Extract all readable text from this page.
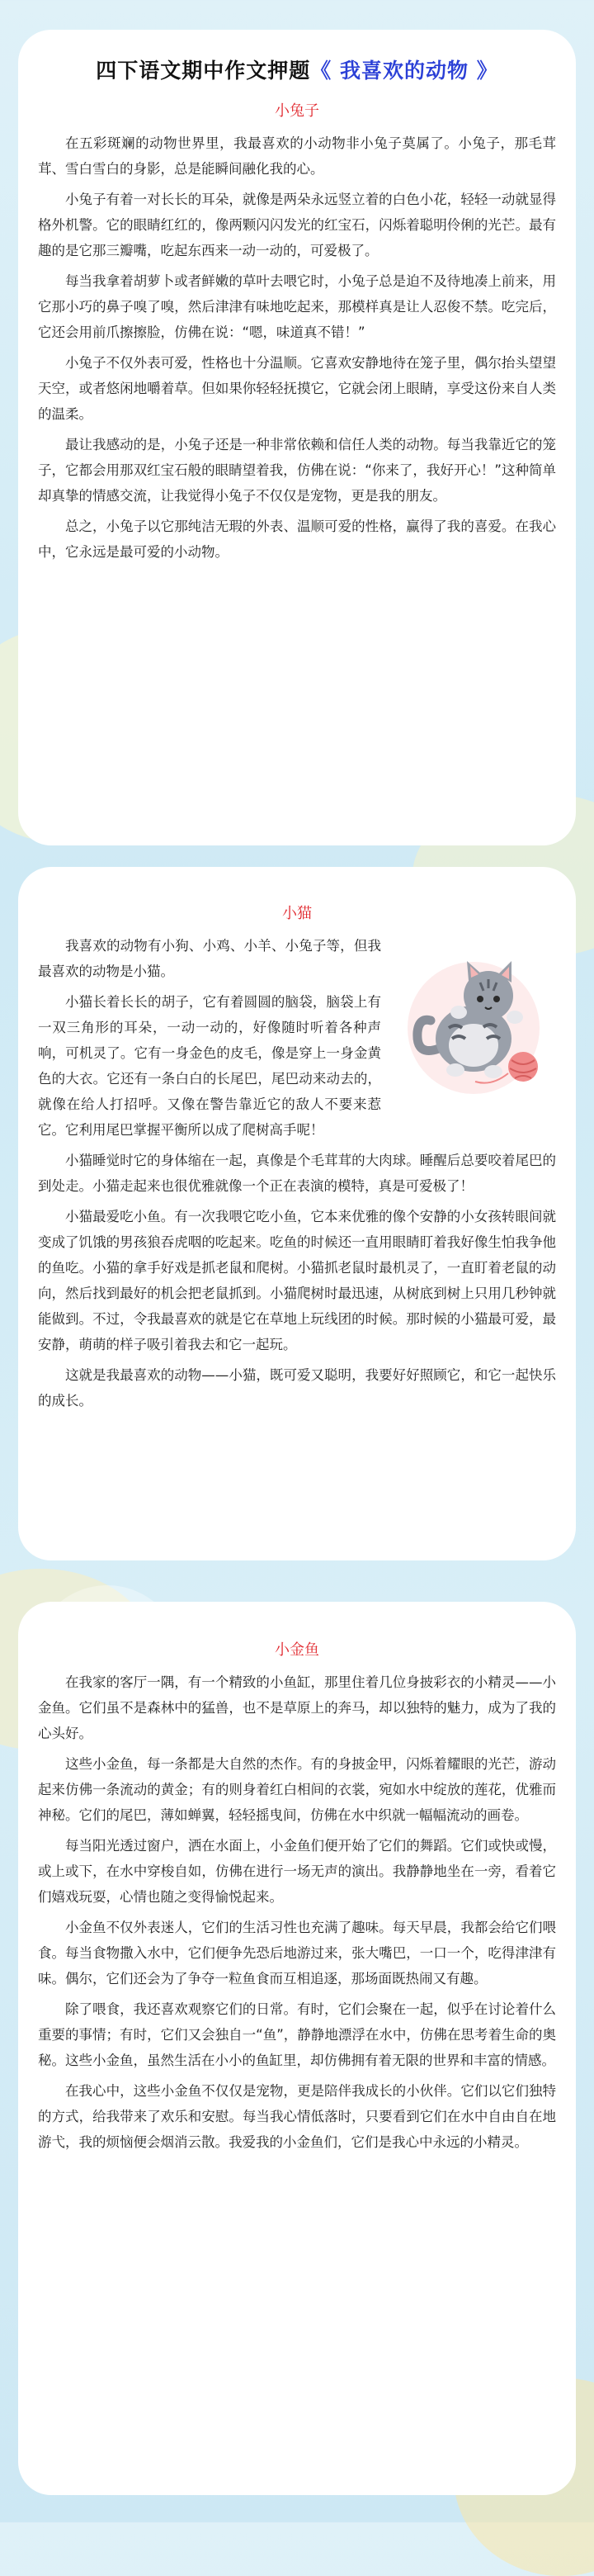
四下语文期中作文押题《 我喜欢的动物 》
小兔子

在五彩斑斓的动物世界里，我最喜欢的小动物非小兔子莫属了。小兔子，那毛茸茸、雪白雪白的身影，总是能瞬间融化我的心。

小兔子有着一对长长的耳朵，就像是两朵永远竖立着的白色小花，轻轻一动就显得格外机警。它的眼睛红红的，像两颗闪闪发光的红宝石，闪烁着聪明伶俐的光芒。最有趣的是它那三瓣嘴，吃起东西来一动一动的，可爱极了。

每当我拿着胡萝卜或者鲜嫩的草叶去喂它时，小兔子总是迫不及待地凑上前来，用它那小巧的鼻子嗅了嗅，然后津津有味地吃起来，那模样真是让人忍俊不禁。吃完后，它还会用前爪擦擦脸，仿佛在说：“嗯，味道真不错！”

小兔子不仅外表可爱，性格也十分温顺。它喜欢安静地待在笼子里，偶尔抬头望望天空，或者悠闲地嚼着草。但如果你轻轻抚摸它，它就会闭上眼睛，享受这份来自人类的温柔。

最让我感动的是，小兔子还是一种非常依赖和信任人类的动物。每当我靠近它的笼子，它都会用那双红宝石般的眼睛望着我，仿佛在说：“你来了，我好开心！”这种简单却真挚的情感交流，让我觉得小兔子不仅仅是宠物，更是我的朋友。

总之，小兔子以它那纯洁无瑕的外表、温顺可爱的性格，赢得了我的喜爱。在我心中，它永远是最可爱的小动物。

小猫

我喜欢的动物有小狗、小鸡、小羊、小兔子等，但我最喜欢的动物是小猫。

小猫长着长长的胡子，它有着圆圆的脑袋，脑袋上有一双三角形的耳朵，一动一动的，好像随时听着各种声响，可机灵了。它有一身金色的皮毛，像是穿上一身金黄色的大衣。它还有一条白白的长尾巴，尾巴动来动去的，就像在给人打招呼。又像在警告靠近它的敌人不要来惹它。它利用尾巴掌握平衡所以成了爬树高手呢！

小猫睡觉时它的身体缩在一起，真像是个毛茸茸的大肉球。睡醒后总要咬着尾巴的到处走。小猫走起来也很优雅就像一个正在表演的模特，真是可爱极了！

小猫最爱吃小鱼。有一次我喂它吃小鱼，它本来优雅的像个安静的小女孩转眼间就变成了饥饿的男孩狼吞虎咽的吃起来。吃鱼的时候还一直用眼睛盯着我好像生怕我争他的鱼吃。小猫的拿手好戏是抓老鼠和爬树。小猫抓老鼠时最机灵了，一直盯着老鼠的动向，然后找到最好的机会把老鼠抓到。小猫爬树时最迅速，从树底到树上只用几秒钟就能做到。不过，令我最喜欢的就是它在草地上玩线团的时候。那时候的小猫最可爱，最安静，萌萌的样子吸引着我去和它一起玩。

这就是我最喜欢的动物——小猫，既可爱又聪明，我要好好照顾它，和它一起快乐的成长。

小金鱼

在我家的客厅一隅，有一个精致的小鱼缸，那里住着几位身披彩衣的小精灵——小金鱼。它们虽不是森林中的猛兽，也不是草原上的奔马，却以独特的魅力，成为了我的心头好。

这些小金鱼，每一条都是大自然的杰作。有的身披金甲，闪烁着耀眼的光芒，游动起来仿佛一条流动的黄金；有的则身着红白相间的衣裳，宛如水中绽放的莲花，优雅而神秘。它们的尾巴，薄如蝉翼，轻轻摇曳间，仿佛在水中织就一幅幅流动的画卷。

每当阳光透过窗户，洒在水面上，小金鱼们便开始了它们的舞蹈。它们或快或慢，或上或下，在水中穿梭自如，仿佛在进行一场无声的演出。我静静地坐在一旁，看着它们嬉戏玩耍，心情也随之变得愉悦起来。

小金鱼不仅外表迷人，它们的生活习性也充满了趣味。每天早晨，我都会给它们喂食。每当食物撒入水中，它们便争先恐后地游过来，张大嘴巴，一口一个，吃得津津有味。偶尔，它们还会为了争夺一粒鱼食而互相追逐，那场面既热闹又有趣。

除了喂食，我还喜欢观察它们的日常。有时，它们会聚在一起，似乎在讨论着什么重要的事情；有时，它们又会独自一“鱼”，静静地漂浮在水中，仿佛在思考着生命的奥秘。这些小金鱼，虽然生活在小小的鱼缸里，却仿佛拥有着无限的世界和丰富的情感。

在我心中，这些小金鱼不仅仅是宠物，更是陪伴我成长的小伙伴。它们以它们独特的方式，给我带来了欢乐和安慰。每当我心情低落时，只要看到它们在水中自由自在地游弋，我的烦恼便会烟消云散。我爱我的小金鱼们，它们是我心中永远的小精灵。
